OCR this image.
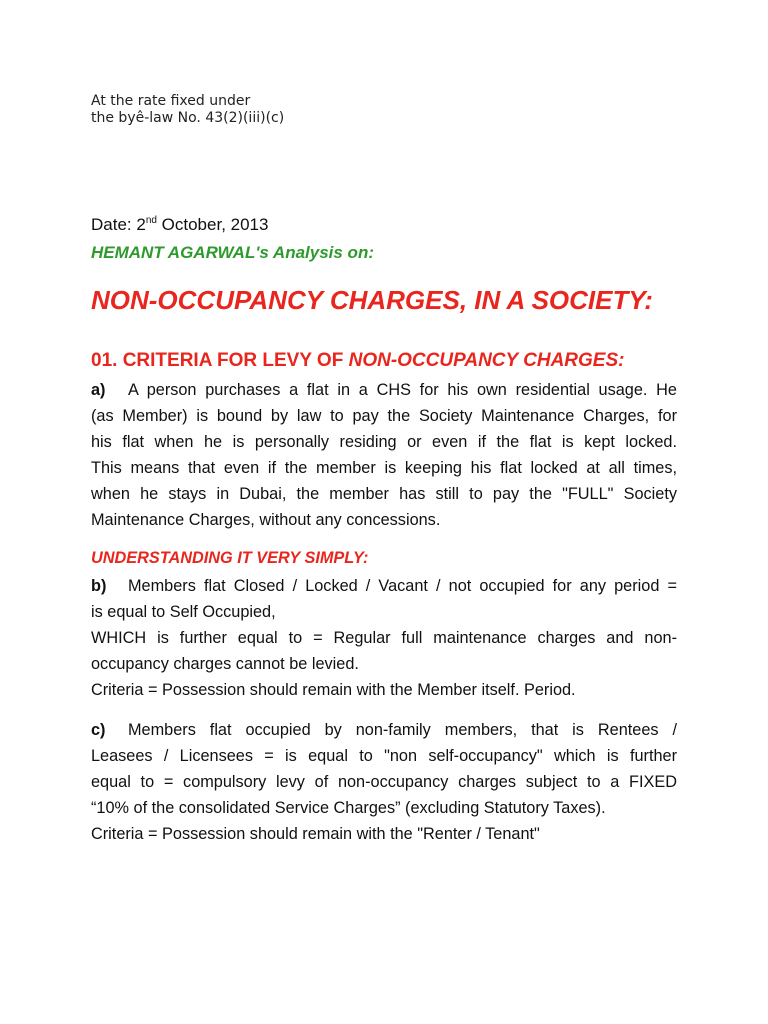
At the rate fixed under
the byê-law No. 43(2)(iii)(c)
Date: 2nd October, 2013
HEMANT AGARWAL's Analysis on:
NON-OCCUPANCY CHARGES, IN A SOCIETY:
01. CRITERIA FOR LEVY OF NON-OCCUPANCY CHARGES:
a) A person purchases a flat in a CHS for his own residential usage. He
(as Member) is bound by law to pay the Society Maintenance Charges, for
his flat when he is personally residing or even if the flat is kept locked.
This means that even if the member is keeping his flat locked at all times,
when he stays in Dubai, the member has still to pay the "FULL" Society
Maintenance Charges, without any concessions.
UNDERSTANDING IT VERY SIMPLY:
b) Members flat Closed / Locked / Vacant / not occupied for any period =
is equal to Self Occupied,
WHICH is further equal to = Regular full maintenance charges and non-
occupancy charges cannot be levied.
Criteria = Possession should remain with the Member itself. Period.
c) Members flat occupied by non-family members, that is Rentees /
Leasees / Licensees = is equal to "non self-occupancy" which is further
equal to = compulsory levy of non-occupancy charges subject to a FIXED
“10% of the consolidated Service Charges” (excluding Statutory Taxes).
Criteria = Possession should remain with the "Renter / Tenant"
